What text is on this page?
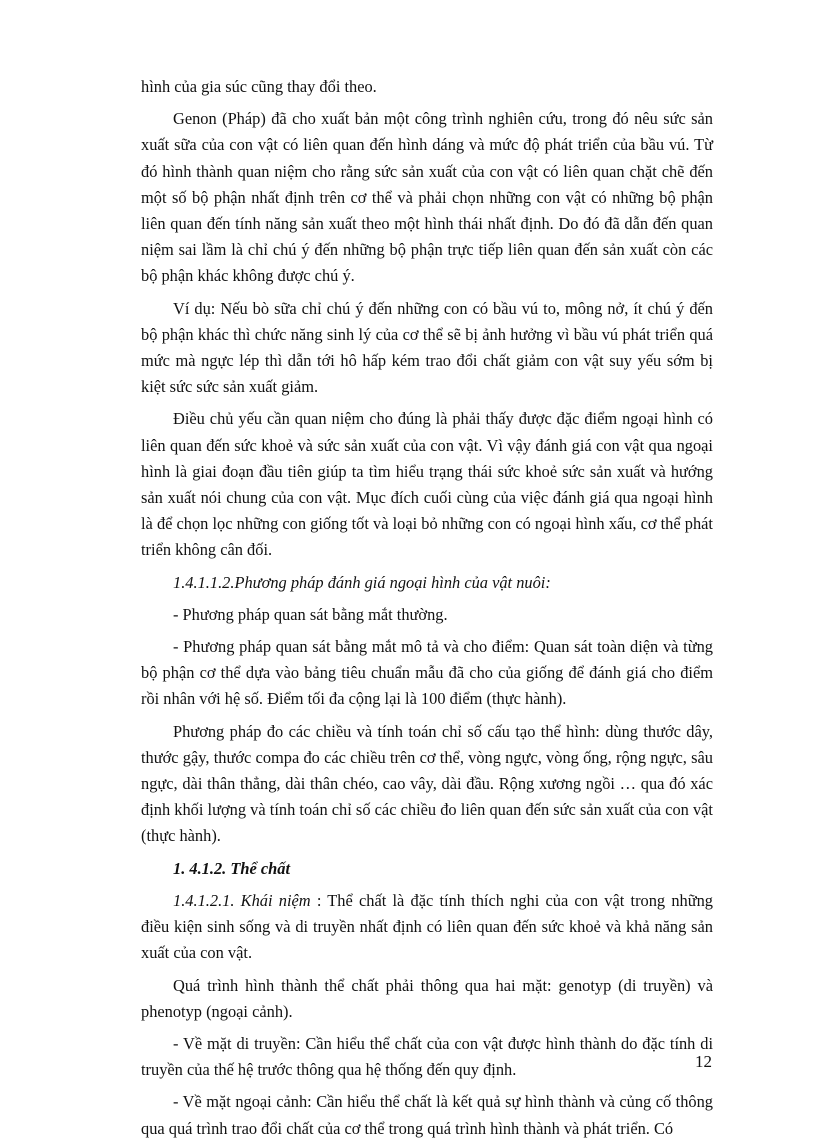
hình của gia súc cũng thay đổi theo.

Genon (Pháp) đã cho xuất bản một công trình nghiên cứu, trong đó nêu sức sản xuất sữa của con vật có liên quan đến hình dáng và mức độ phát triển của bầu vú. Từ đó hình thành quan niệm cho rằng sức sản xuất của con vật có liên quan chặt chẽ đến một số bộ phận nhất định trên cơ thể và phải chọn những con vật có những bộ phận liên quan đến tính năng sản xuất theo một hình thái nhất định. Do đó đã dẫn đến quan niệm sai lầm là chỉ chú ý đến những bộ phận trực tiếp liên quan đến sản xuất còn các bộ phận khác không được chú ý.

Ví dụ: Nếu bò sữa chỉ chú ý đến những con có bầu vú to, mông nở, ít chú ý đến bộ phận khác thì chức năng sinh lý của cơ thể sẽ bị ảnh hưởng vì bầu vú phát triển quá mức mà ngực lép thì dẫn tới hô hấp kém trao đổi chất giảm con vật suy yếu sớm bị kiệt sức sức sản xuất giảm.

Điều chủ yếu cần quan niệm cho đúng là phải thấy được đặc điểm ngoại hình có liên quan đến sức khoẻ và sức sản xuất của con vật. Vì vậy đánh giá con vật qua ngoại hình là giai đoạn đầu tiên giúp ta tìm hiểu trạng thái sức khoẻ sức sản xuất và hướng sản xuất nói chung của con vật. Mục đích cuối cùng của việc đánh giá qua ngoại hình là để chọn lọc những con giống tốt và loại bỏ những con có ngoại hình xấu, cơ thể phát triển không cân đối.

1.4.1.1.2.Phương pháp đánh giá ngoại hình của vật nuôi:

- Phương pháp quan sát bằng mắt thường.

- Phương pháp quan sát bằng mắt mô tả và cho điểm: Quan sát toàn diện và từng bộ phận cơ thể dựa vào bảng tiêu chuẩn mẫu đã cho của giống để đánh giá cho điểm rồi nhân với hệ số. Điểm tối đa cộng lại là 100 điểm (thực hành).

Phương pháp đo các chiều và tính toán chỉ số cấu tạo thể hình: dùng thước dây, thước gậy, thước compa đo các chiều trên cơ thể, vòng ngực, vòng ống, rộng ngực, sâu ngực, dài thân thẳng, dài thân chéo, cao vây, dài đầu. Rộng xương ngồi … qua đó xác định khối lượng và tính toán chỉ số các chiều đo liên quan đến sức sản xuất của con vật (thực hành).

1. 4.1.2. Thể chất

1.4.1.2.1. Khái niệm : Thể chất là đặc tính thích nghi của con vật trong những điều kiện sinh sống và di truyền nhất định có liên quan đến sức khoẻ và khả năng sản xuất của con vật.

Quá trình hình thành thể chất phải thông qua hai mặt: genotyp (di truyền) và phenotyp (ngoại cảnh).

- Về mặt di truyền: Cần hiểu thể chất của con vật được hình thành do đặc tính di truyền của thế hệ trước thông qua hệ thống đến quy định.

- Về mặt ngoại cảnh: Cần hiểu thể chất là kết quả sự hình thành và củng cố thông qua quá trình trao đổi chất của cơ thể trong quá trình hình thành và phát triển. Có

12
